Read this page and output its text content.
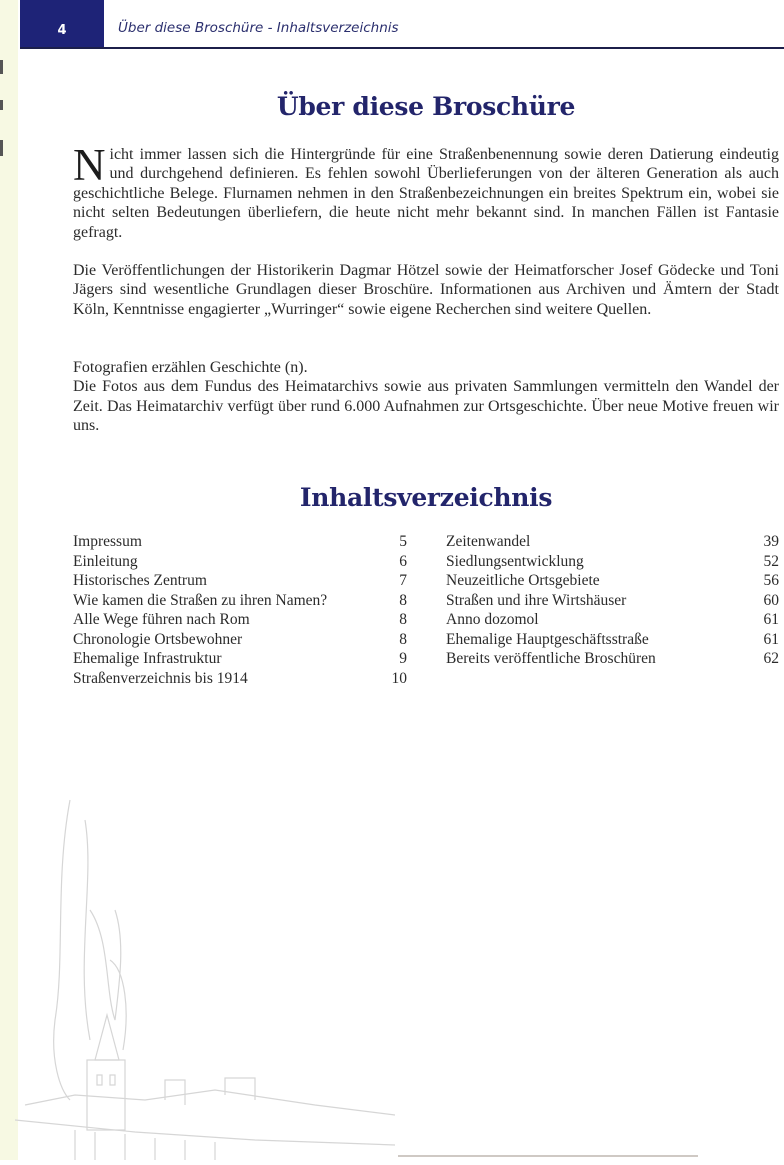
4	Über diese Broschüre - Inhaltsverzeichnis
Über diese Broschüre

Nicht immer lassen sich die Hintergründe für eine Straßenbenennung sowie deren Datierung eindeutig und durchgehend definieren. Es fehlen sowohl Überlieferungen von der älteren Generation als auch geschichtliche Belege. Flurnamen nehmen in den Straßenbezeichnungen ein breites Spektrum ein, wobei sie nicht selten Bedeutungen überliefern, die heute nicht mehr bekannt sind. In manchen Fällen ist Fantasie gefragt.

Die Veröffentlichungen der Historikerin Dagmar Hötzel sowie der Heimatforscher Josef Gödecke und Toni Jägers sind wesentliche Grundlagen dieser Broschüre. Informationen aus Archiven und Ämtern der Stadt Köln, Kenntnisse engagierter „Wurringer“ sowie eigene Recherchen sind weitere Quellen.

Fotografien erzählen Geschichte (n).
Die Fotos aus dem Fundus des Heimatarchivs sowie aus privaten Sammlungen vermitteln den Wandel der Zeit. Das Heimatarchiv verfügt über rund 6.000 Aufnahmen zur Ortsgeschichte. Über neue Motive freuen wir uns.
Inhaltsverzeichnis
Impressum	5
Einleitung	6
Historisches Zentrum	7
Wie kamen die Straßen zu ihren Namen?	8
Alle Wege führen nach Rom	8
Chronologie Ortsbewohner	8
Ehemalige Infrastruktur	9
Straßenverzeichnis bis 1914	10
Zeitenwandel	39
Siedlungsentwicklung	52
Neuzeitliche Ortsgebiete	56
Straßen und ihre Wirtshäuser	60
Anno dozomol	61
Ehemalige Hauptgeschäftsstraße	61
Bereits veröffentliche Broschüren	62
